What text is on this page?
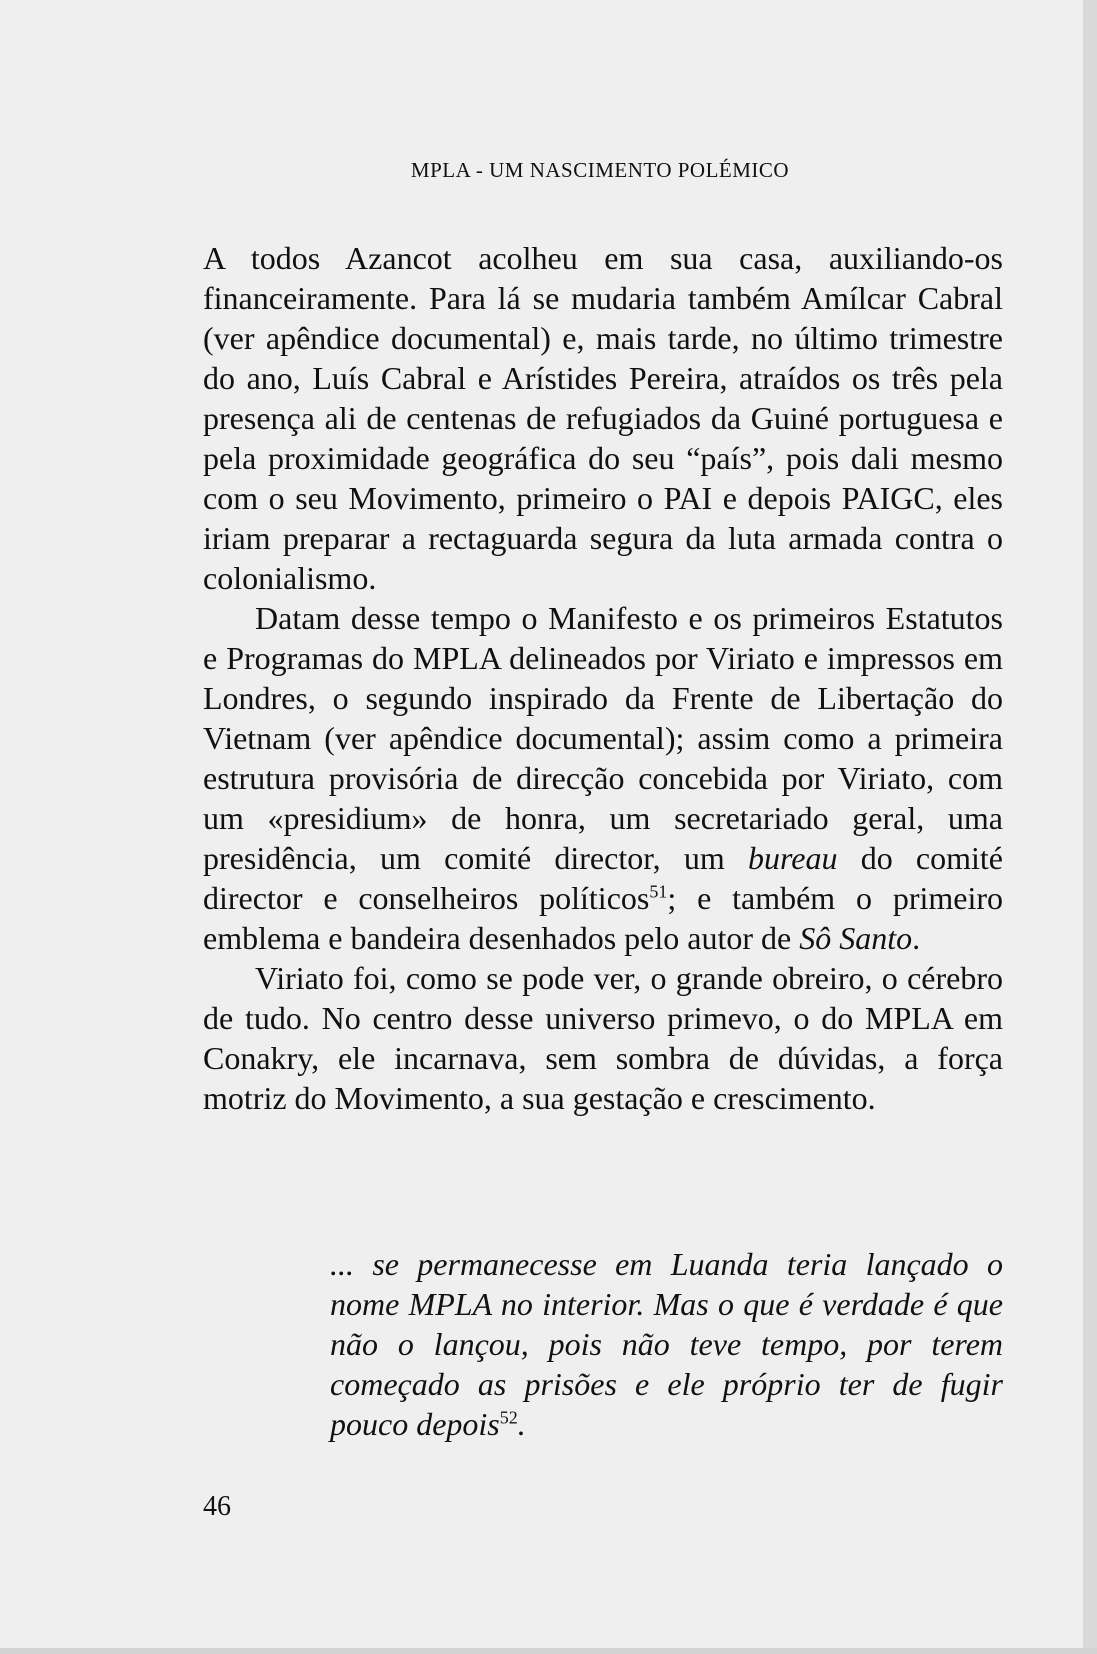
MPLA - UM NASCIMENTO POLÉMICO

A todos Azancot acolheu em sua casa, auxiliando-os financeiramente. Para lá se mudaria também Amílcar Cabral (ver apêndice documental) e, mais tarde, no último trimestre do ano, Luís Cabral e Arístides Pereira, atraídos os três pela presença ali de centenas de refugiados da Guiné portuguesa e pela proximidade geográfica do seu “país”, pois dali mesmo com o seu Movimento, primeiro o PAI e depois PAIGC, eles iriam preparar a rectaguarda segura da luta armada contra o colonialismo.

Datam desse tempo o Manifesto e os primeiros Estatutos e Programas do MPLA delineados por Viriato e impressos em Londres, o segundo inspirado da Frente de Libertação do Vietnam (ver apêndice documental); assim como a primeira estrutura provisória de direcção concebida por Viriato, com um «presidium» de honra, um secretariado geral, uma presidência, um comité director, um bureau do comité director e conselheiros políticos$^{51}$; e também o primeiro emblema e bandeira desenhados pelo autor de Sô Santo.

Viriato foi, como se pode ver, o grande obreiro, o cérebro de tudo. No centro desse universo primevo, o do MPLA em Conakry, ele incarnava, sem sombra de dúvidas, a força motriz do Movimento, a sua gestação e crescimento.

... se permanecesse em Luanda teria lançado o nome MPLA no interior. Mas o que é verdade é que não o lançou, pois não teve tempo, por terem começado as prisões e ele próprio ter de fugir pouco depois$^{52}$.
46
